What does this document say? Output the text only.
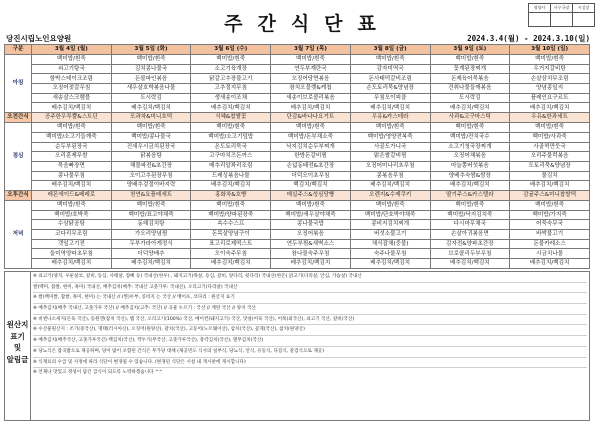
주간식단표
영양사	사무국장	시설장

당진시립노인요양원	2024.3.4(월) - 2024.3.10(일)
구분	3월 4일 (월)	3월 5일 (화)	3월 6일 (수)	3월 7일 (목)	3월 8일 (금)	3월 9일 (토)	3월 10일 (일)
아침	백미밥/흰죽	백미밥/흰죽	백미밥/흰죽	백미밥/흰죽	백미밥/흰죽	백미밥/흰죽	백미밥/흰죽
	쇠고기탕국	김치콩나물국	소고기육개장	연두부계란국	감자미역국	꽃게된장찌개	우거지갈비탕
	함박스테이크조림	돈불파인볶음	닭갈고추장불고기	오징어당면볶음	돈사태떡갈비조림	돈제육어묵볶음	손살삼치무조림
	오징어젓갈무침	새우살호박볶음나물	고추절지무침	참치오믈렛&케첩	손도토리묵&양념장	건취나물들깨볶음	양념콩잎지
	새송살스크램블	도시락김	생새송이조채	새송이브로콜리볶음	무침오이피클	도시락김	플레인요구르트
	배추김치/백김치	배추김치/백김치	배추김치/백김치	배추김치/백김치	배추김치/백김치	배추김치/백김치	배추김치/백김치
오전간식	공주한우투뿔&스트딘	모과차&미니호떡	식혜&찹쌀꽃	단감&바나나요거트	우유&카스테라	사과&고구마스틱	우유&한과세트
점심	백미밥/흰죽	백미밥/흰죽	백미밥/흰죽	백미밥/흰죽	백미밥/흰죽	백미밥/흰죽	백미밥/흰죽
	백미밥/소고기들깨죽	백미밥/콩나물국	백미밥/소고기덮밥	백미밥/돈부채소죽	백미밥/영양전복죽	백미밥/잔치국수	백미밥/사과죽
	순두부된장국	건새우시금치된장국	온도토리묵국	낙지김치순두부찌개	사골도가니국	소고기청국장찌개	사골떡만둣국
	오리훈제무쌈	닭볶음탕	고구마치즈돈까스	한방돈갈비찜	맑은쌀갈비찜	오징어채볶음	오리주물럭볶음
	묵음빠장면	해물파전&초간장	메추리알꽈리조림	손넓동태전&초간장	오징어미나리초무침	마늘쫑버섯볶음	도토리묵&양념장
	콩나물무침	오이고추된장무침	드레싱볶음나물	더덕오이초무침	콩볶음무침	양배추숙쌈&쌈장	물김치
	배추김치/백김치	양배추겉절이바지락	배추김치/백김치	백김치/백김치	배추김치/백김치	배추김치/백김치	배추김치/백김치
오후간식	레몬에이드&페레로	천연&요플레세트	홍화차&호빵	매실주스&성심당빵	오렌지&수제쿠키	딸기주스&카스텔라	감귤주스&미니찹쌀떡
저녁	백미밥/흰죽	백미밥/흰죽	백미밥/흰죽	백미밥/흰죽	백미밥/흰죽	백미밥/흰죽	백미밥/흰죽
	백미밥/호박죽	백미밥/표고야채죽	백미밥/양파된장죽	백미밥/새우살야채죽	백미밥/단호박야채죽	백미밥/낙지김치죽	백미밥/가지죽
	수삼닭곰탕	동해김치탕	속수수스프	콩나물국밥	콩비지김치찌개	다시마무채국	어묵숙무국
	코다리무조림	가오리양념찜	돈목살양념구이	오징어볶음	버섯소불고기	손살아귀볶음면	바싹불고기
	갯잎고기전	두부가라아게정식	표고리로제떡스트	연두부찜&새벽소스	채식잡채(중불)	감자전&양파초간장	돈불카레소스
	들미역양파초무침	더덕양배추	오이숙주무침	참나물숙주무침	숙주나물무침	브로콜리두부무침	시금치나물
	배추김치/백김치	배추김치/백김치	배추김치/백김치	배추김치/백김치	배추김치/백김치	배추김치/백김치	배추김치/백김치
원산지
표기
및
알림글
※ 쇠고기(양지, 우둔살코, 갈비, 등심, 사태살, 잡뼈 등) 국내산(한우) , 돼지고기(목살, 등심, 갈비, 앞다리, 뒷다리) 국내산(한돈) 닭고기(다리살, 안심, 가슴살) 국내산
쌀(백미, 찹쌀, 현미, 흑미) 국내산, 배추김치(배추: 국내산 고춧가루: 국내산), 오리고기(다리살) 국내산
※ 쌀(백미쌀, 찹쌀, 흑미, 현미) 는 국내산 // (찐)두부, 콩비지 는 국산 // 뱅어포, 코다리 : 원산지 표기
※ 배추김치(배추 국내산, 고춧가루 국산) // 배추김치(고추: 국산) // 곡물 누르기 : 국산 // 계란 국산 // 양지 국산
※ 비엔나소세지(돈육 국산), 동원캔(참치 국산), 햄 국산, 오리고기(100%) 국산, 베이컨(돼지고기) 국산, 맛살(어육 국산), 어묵(외국산), 쇠고기 국산, 갈비(국산)
※ 수산물원산지 : 조기(중국산), 명태(러시아산), 오징어(원양산), 갈치(국산), 고등어(노르웨이산), 삼치(국산), 꽃게(국산), 참치(원양산)
※ 배추김치(배추국산, 고춧가루국산) 백김치(국산), 깍두기(무국산, 고춧가루국산), 총각김치(국산), 열무김치(국산)
※ 당뇨식은 잡곡밥으로 제공하며, 당이 많이 포함된 간식은 무가당 대체 (제공빈도 식사의 일부식, 당뇨식, 연식, 유동식, 다짐식, 갈검식으로 제공)
※ 식재료의 수급 및 사정에 따라 식단이 변경될 수 있습니다. (변경된 식단은 시설 내 게시판에 게시합니다)
※ 언제나 맛있고 정성이 담긴 급식이 되도록 노력하겠습니다 ^^
